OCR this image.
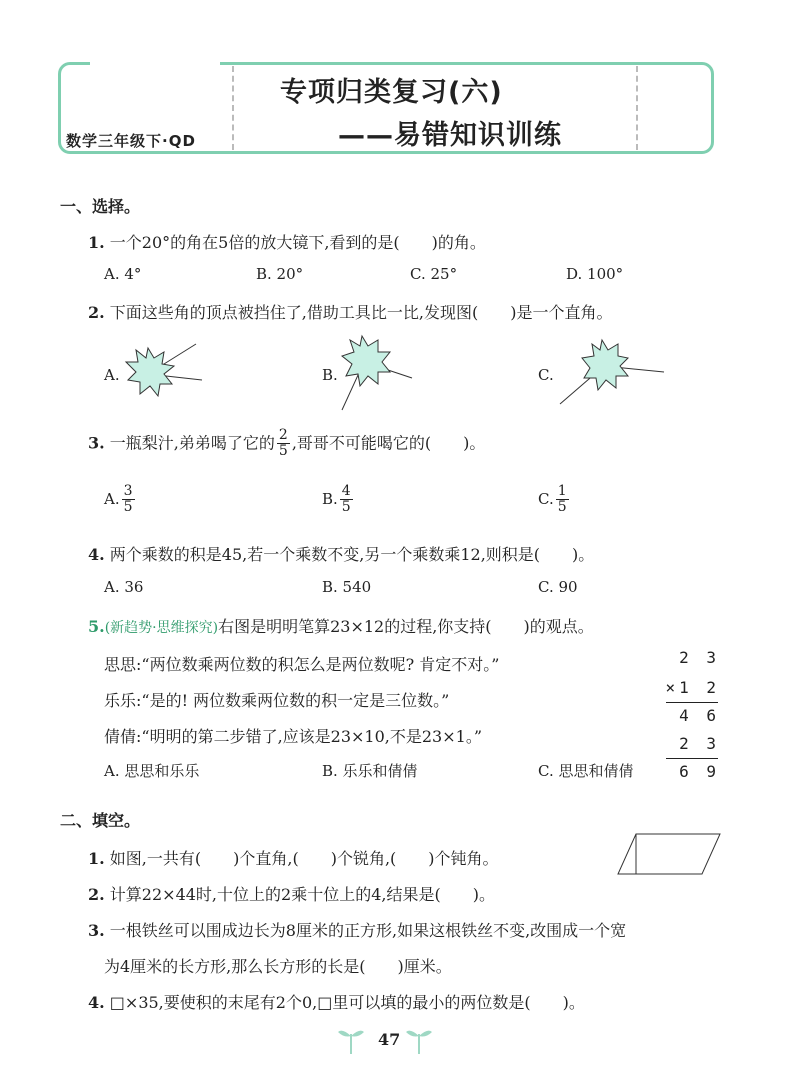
数学三年级下·QD
专项归类复习(六)
——易错知识训练
一、选择。
1. 一个20°的角在5倍的放大镜下,看到的是(　　)的角。
A. 4°	B. 20°	C. 25°	D. 100°
2. 下面这些角的顶点被挡住了,借助工具比一比,发现图(　　)是一个直角。
A.	B.	C.
3. 一瓶梨汁,弟弟喝了它的 $\frac{2}{5}$ ,哥哥不可能喝它的(　　)。
A. $\frac{3}{5}$	B. $\frac{4}{5}$	C. $\frac{1}{5}$
4. 两个乘数的积是45,若一个乘数不变,另一个乘数乘12,则积是(　　)。
A. 36	B. 540	C. 90
5.(新趋势·思维探究)右图是明明笔算23×12的过程,你支持(　　)的观点。
思思:“两位数乘两位数的积怎么是两位数呢? 肯定不对。”
乐乐:“是的! 两位数乘两位数的积一定是三位数。”
倩倩:“明明的第二步错了,应该是23×10,不是23×1。”
A. 思思和乐乐	B. 乐乐和倩倩	C. 思思和倩倩
2 3
×1 2
4 6
2 3
6 9
二、填空。
1. 如图,一共有(　　)个直角,(　　)个锐角,(　　)个钝角。
2. 计算22×44时,十位上的2乘十位上的4,结果是(　　)。
3. 一根铁丝可以围成边长为8厘米的正方形,如果这根铁丝不变,改围成一个宽
为4厘米的长方形,那么长方形的长是(　　)厘米。
4. □×35,要使积的末尾有2个0,□里可以填的最小的两位数是(　　)。
47
